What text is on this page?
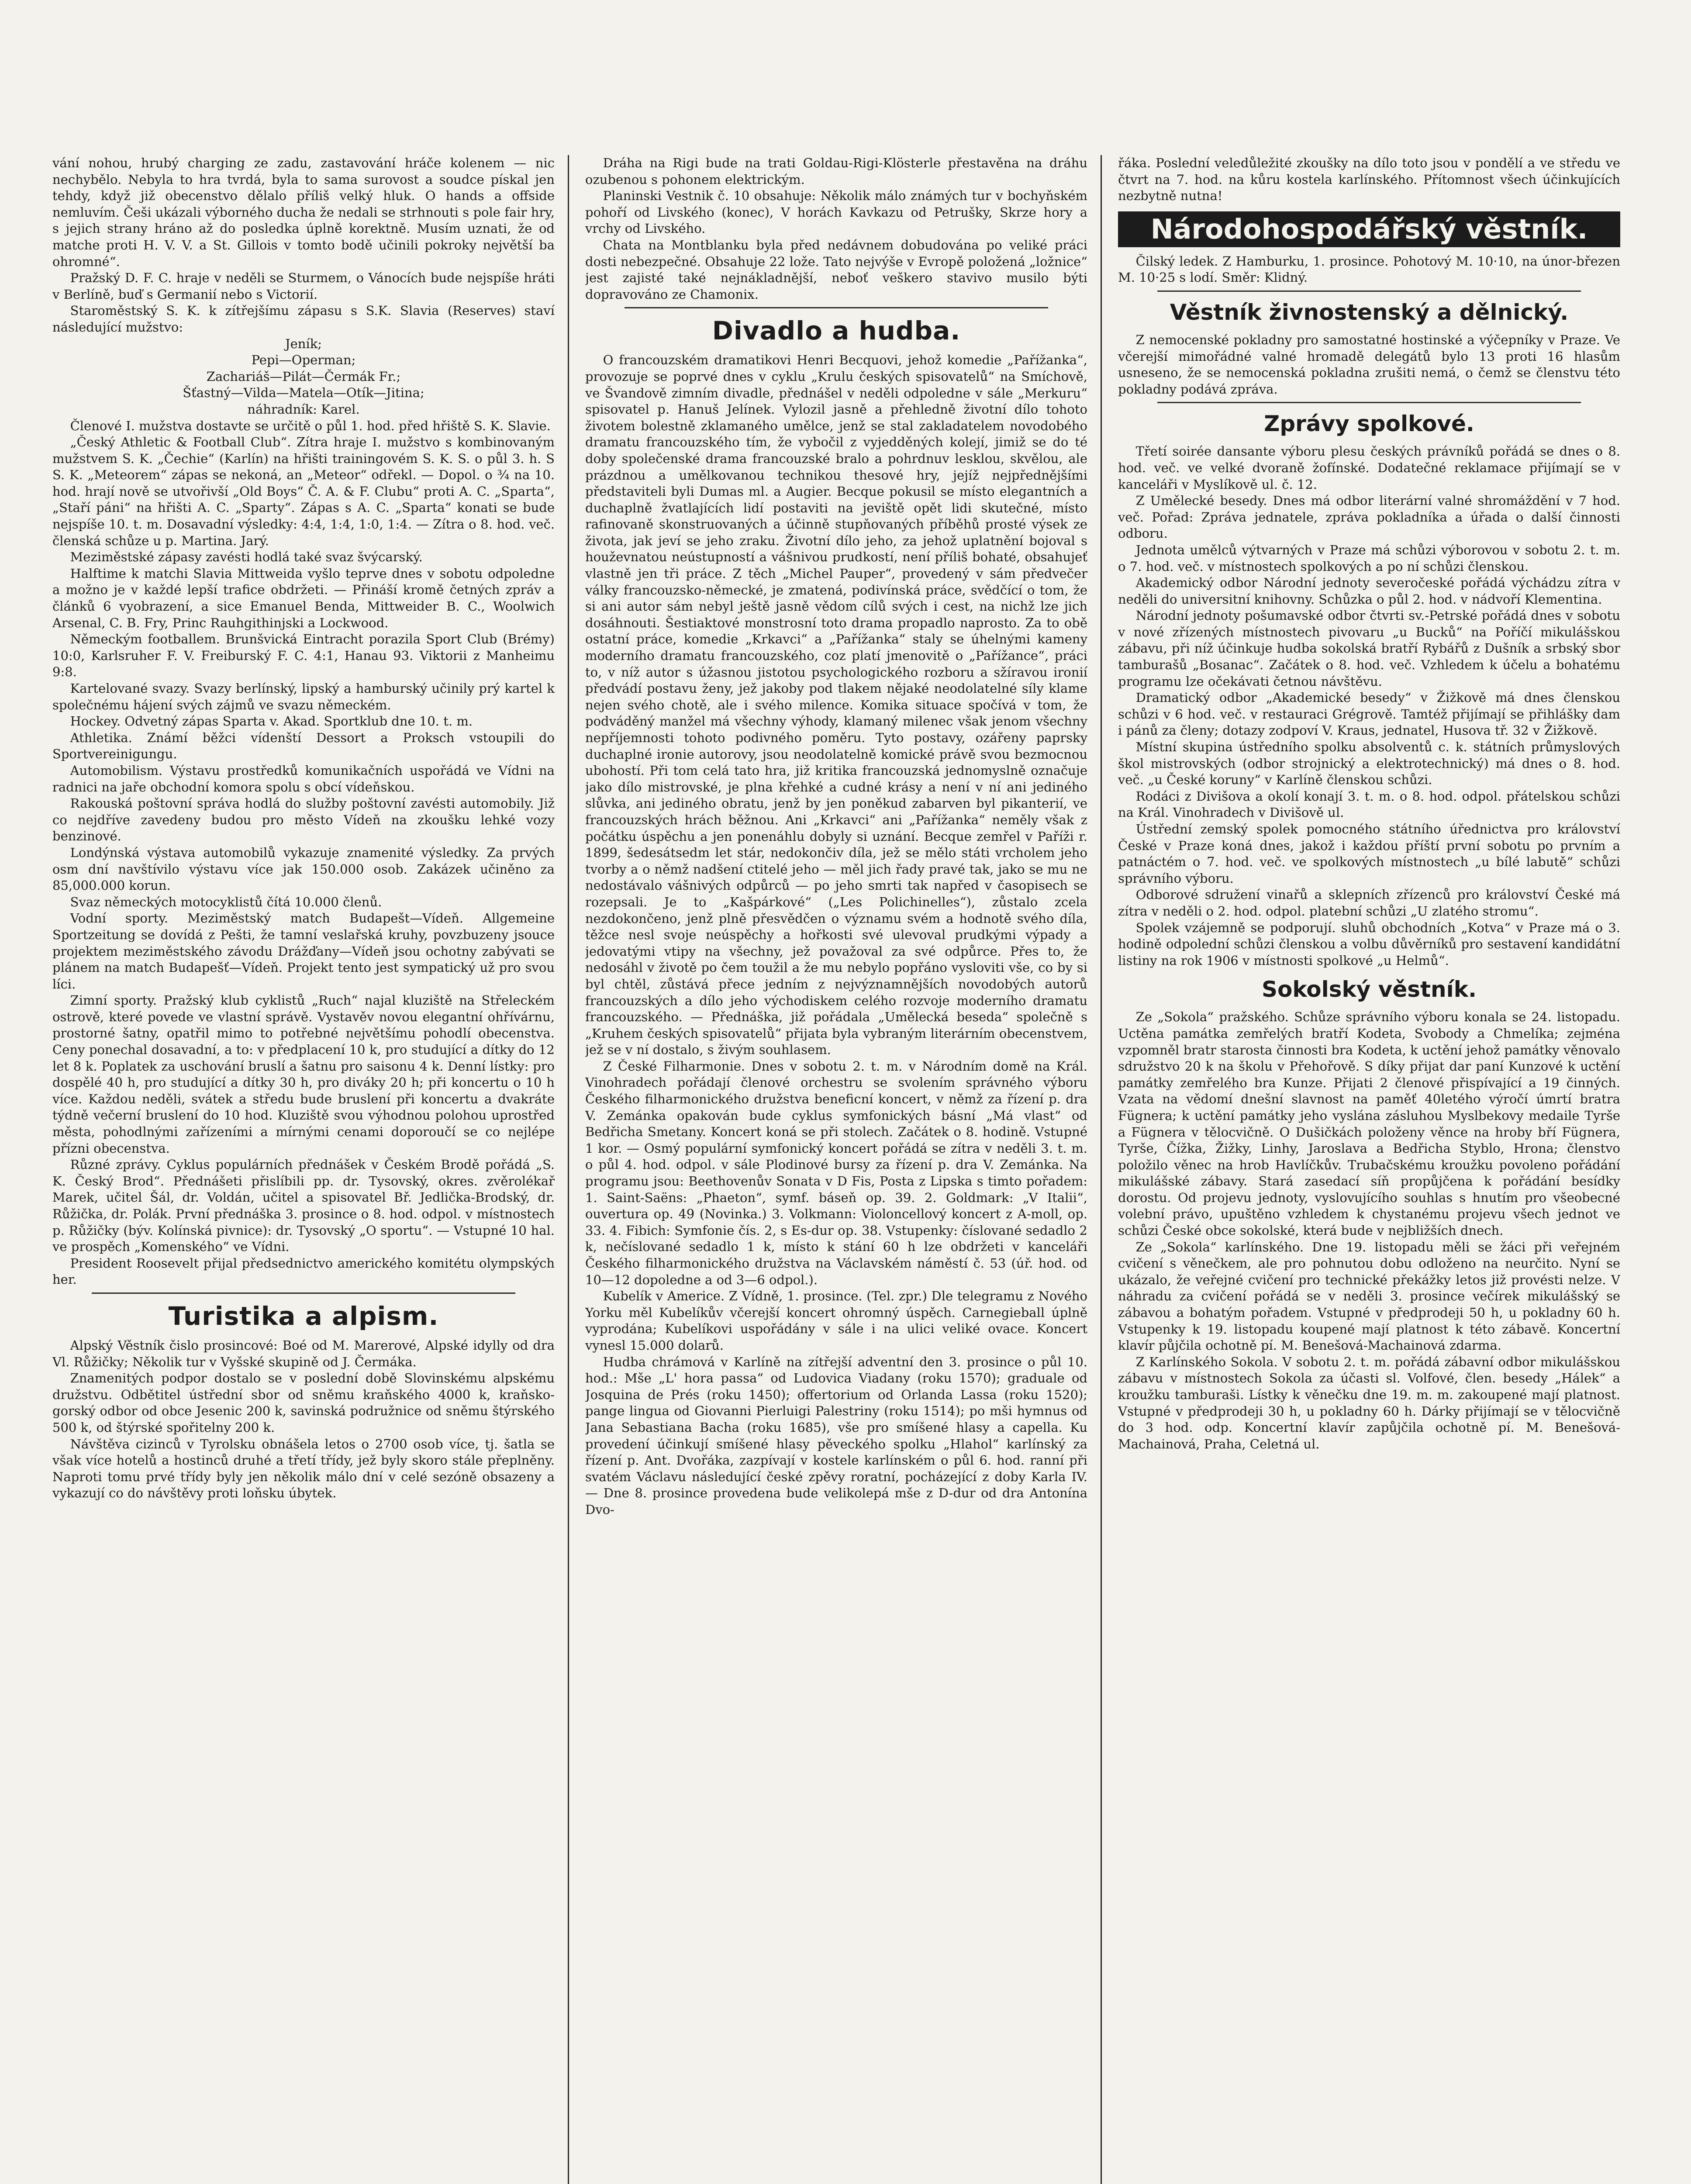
vání nohou, hrubý charging ze zadu, zastavování hráče kolenem — nic nechybělo. Nebyla to hra tvrdá, byla to sama surovost a soudce pískal jen tehdy, když již obecenstvo dělalo příliš velký hluk. O hands a offside nemluvím. Češi ukázali výborného ducha že nedali se strhnouti s pole fair hry, s jejich strany hráno až do posledka úplně korektně. Musím uznati, že od matche proti H. V. V. a St. Gillois v tomto bodě učinili pokroky největší ba ohromné“.

Pražský D. F. C. hraje v neděli se Sturmem, o Vánocích bude nejspíše hráti v Berlíně, buď s Germanií nebo s Victorií.

Staroměstský S. K. k zítřejšímu zápasu s S.K. Slavia (Reserves) staví následující mužstvo:

Jeník;

Pepi—Operman;

Zachariáš—Pilát—Čermák Fr.;

Šťastný—Vilda—Matela—Otík—Jitina;

náhradník: Karel.

Členové I. mužstva dostavte se určitě o půl 1. hod. před hřiště S. K. Slavie.

„Český Athletic & Football Club“. Zítra hraje I. mužstvo s kombinovaným mužstvem S. K. „Čechie“ (Karlín) na hřišti trainingovém S. K. S. o půl 3. h. S S. K. „Meteorem“ zápas se nekoná, an „Meteor“ odřekl. — Dopol. o ¾ na 10. hod. hrají nově se utvořivší „Old Boys“ Č. A. & F. Clubu“ proti A. C. „Sparta“, „Staří páni“ na hřišti A. C. „Sparty“. Zápas s A. C. „Sparta“ konati se bude nejspíše 10. t. m. Dosavadní výsledky: 4:4, 1:4, 1:0, 1:4. — Zítra o 8. hod. več. členská schůze u p. Martina. Jarý.

Meziměstské zápasy zavésti hodlá také svaz švýcarský.

Halftime k matchi Slavia Mittweida vyšlo teprve dnes v sobotu odpoledne a možno je v každé lepší trafice obdržeti. — Přináší kromě četných zpráv a článků 6 vyobrazení, a sice Emanuel Benda, Mittweider B. C., Woolwich Arsenal, C. B. Fry, Princ Rauhgithinjski a Lockwood.

Německým footballem. Brunšvická Eintracht porazila Sport Club (Brémy) 10:0, Karlsruher F. V. Freiburský F. C. 4:1, Hanau 93. Viktorii z Manheimu 9:8.

Kartelované svazy. Svazy berlínský, lipský a hamburský učinily prý kartel k společnému hájení svých zájmů ve svazu německém.

Hockey. Odvetný zápas Sparta v. Akad. Sportklub dne 10. t. m.

Athletika. Známí běžci vídenští Dessort a Proksch vstoupili do Sportvereinigungu.

Automobilism. Výstavu prostředků komunikačních uspořádá ve Vídni na radnici na jaře obchodní komora spolu s obcí vídeňskou.

Rakouská poštovní správa hodlá do služby poštovní zavésti automobily. Již co nejdříve zavedeny budou pro město Vídeň na zkoušku lehké vozy benzinové.

Londýnská výstava automobilů vykazuje znamenité výsledky. Za prvých osm dní navštívilo výstavu více jak 150.000 osob. Zakázek učiněno za 85,000.000 korun.

Svaz německých motocyklistů čítá 10.000 členů.

Vodní sporty. Meziměstský match Budapešt—Vídeň. Allgemeine Sportzeitung se dovídá z Pešti, že tamní veslařská kruhy, povzbuzeny jsouce projektem meziměstského závodu Drážďany—Vídeň jsou ochotny zabývati se plánem na match Budapešť—Vídeň. Projekt tento jest sympatický už pro svou líci.

Zimní sporty. Pražský klub cyklistů „Ruch“ najal kluziště na Střeleckém ostrově, které povede ve vlastní správě. Vystavěv novou elegantní ohřívárnu, prostorné šatny, opatřil mimo to potřebné největšímu pohodlí obecenstva. Ceny ponechal dosavadní, a to: v předplacení 10 k, pro studující a dítky do 12 let 8 k. Poplatek za uschování bruslí a šatnu pro saisonu 4 k. Denní lístky: pro dospělé 40 h, pro studující a dítky 30 h, pro diváky 20 h; při koncertu o 10 h více. Každou neděli, svátek a středu bude bruslení při koncertu a dvakráte týdně večerní bruslení do 10 hod. Kluziště svou výhodnou polohou uprostřed města, pohodlnými zařízeními a mírnými cenami doporoučí se co nejlépe přízni obecenstva.

Různé zprávy. Cyklus populárních přednášek v Českém Brodě pořádá „S. K. Český Brod“. Přednášeti přislíbili pp. dr. Tysovský, okres. zvěrolékař Marek, učitel Šál, dr. Voldán, učitel a spisovatel Bř. Jedlička-Brodský, dr. Růžička, dr. Polák. První přednáška 3. prosince o 8. hod. odpol. v místnostech p. Růžičky (býv. Kolínská pivnice): dr. Tysovský „O sportu“. — Vstupné 10 hal. ve prospěch „Komenského“ ve Vídni.

President Roosevelt přijal předsednictvo amerického komitétu olympských her.

Turistika a alpism.

Alpský Věstník čislo prosincové: Boé od M. Marerové, Alpské idylly od dra Vl. Růžičky; Několik tur v Vyšské skupině od J. Čermáka.

Znamenitých podpor dostalo se v poslední době Slovinskému alpskému družstvu. Odbětitel ústřední sbor od sněmu kraňského 4000 k, kraňsko-gorský odbor od obce Jesenic 200 k, savinská podružnice od sněmu štýrského 500 k, od štýrské spořitelny 200 k.

Návštěva cizinců v Tyrolsku obnášela letos o 2700 osob více, tj. šatla se však více hotelů a hostinců druhé a třetí třídy, jež byly skoro stále přeplněny. Naproti tomu prvé třídy byly jen několik málo dní v celé sezóně obsazeny a vykazují co do návštěvy proti loňsku úbytek.

Dráha na Rigi bude na trati Goldau-Rigi-Klösterle přestavěna na dráhu ozubenou s pohonem elektrickým.

Planinski Vestnik č. 10 obsahuje: Několik málo známých tur v bochyňském pohoří od Livského (konec), V horách Kavkazu od Petrušky, Skrze hory a vrchy od Livského.

Chata na Montblanku byla před nedávnem dobudována po veliké práci dosti nebezpečné. Obsahuje 22 lože. Tato nejvýše v Evropě položená „ložnice“ jest zajisté také nejnákladnější, neboť veškero stavivo musilo býti dopravováno ze Chamonix.

Divadlo a hudba.

O francouzském dramatikovi Henri Becquovi, jehož komedie „Pařížanka“, provozuje se poprvé dnes v cyklu „Krulu českých spisovatelů“ na Smíchově, ve Švandově zimním divadle, přednášel v neděli odpoledne v sále „Merkuru“ spisovatel p. Hanuš Jelínek. Vylozil jasně a přehledně životní dílo tohoto životem bolestně zklamaného umělce, jenž se stal zakladatelem novodobého dramatu francouzského tím, že vybočil z vyjedděných kolejí, jimiž se do té doby společenské drama francouzské bralo a pohrdnuv lesklou, skvělou, ale prázdnou a umělkovanou technikou thesové hry, jejíž nejpřednějšími představiteli byli Dumas ml. a Augier. Becque pokusil se místo elegantních a duchaplně žvatlajících lidí postaviti na jeviště opět lidi skutečné, místo rafinovaně skonstruovaných a účinně stupňovaných příběhů prosté výsek ze života, jak jeví se jeho zraku. Životní dílo jeho, za jehož uplatnění bojoval s houževnatou neústupností a vášnivou prudkostí, není příliš bohaté, obsahujeť vlastně jen tři práce. Z těch „Michel Pauper“, provedený v sám předvečer války francouzsko-německé, je zmatená, podivínská práce, svědčící o tom, že si ani autor sám nebyl ještě jasně vědom cílů svých i cest, na nichž lze jich dosáhnouti. Šestiaktové monstrosní toto drama propadlo naprosto. Za to obě ostatní práce, komedie „Krkavci“ a „Pařížanka“ staly se úhelnými kameny moderního dramatu francouzského, coz platí jmenovitě o „Pařížance“, práci to, v níž autor s úžasnou jistotou psychologického rozboru a sžíravou ironií předvádí postavu ženy, jež jakoby pod tlakem nějaké neodolatelné síly klame nejen svého chotě, ale i svého milence. Komika situace spočívá v tom, že podváděný manžel má všechny výhody, klamaný milenec však jenom všechny nepříjemnosti tohoto podivného poměru. Tyto postavy, ozářeny paprsky duchaplné ironie autorovy, jsou neodolatelně komické právě svou bezmocnou ubohostí. Při tom celá tato hra, již kritika francouzská jednomyslně označuje jako dílo mistrovské, je plna křehké a cudné krásy a není v ní ani jediného slůvka, ani jediného obratu, jenž by jen poněkud zabarven byl pikanterií, ve francouzských hrách běžnou. Ani „Krkavci“ ani „Pařížanka“ neměly však z počátku úspěchu a jen ponenáhlu dobyly si uznání. Becque zemřel v Paříži r. 1899, šedesátsedm let stár, nedokončiv díla, jež se mělo státi vrcholem jeho tvorby a o němž nadšení ctitelé jeho — měl jich řady pravé tak, jako se mu ne nedostávalo vášnivých odpůrců — po jeho smrti tak napřed v časopisech se rozepsali. Je to „Kašpárkové“ („Les Polichinelles“), zůstalo zcela nezdokončeno, jenž plně přesvědčen o významu svém a hodnotě svého díla, těžce nesl svoje neúspěchy a hořkosti své ulevoval prudkými výpady a jedovatými vtipy na všechny, jež považoval za své odpůrce. Přes to, že nedosáhl v životě po čem toužil a že mu nebylo popřáno vysloviti vše, co by si byl chtěl, zůstává přece jedním z nejvýznamnějších novodobých autorů francouzských a dílo jeho východiskem celého rozvoje moderního dramatu francouzského. — Přednáška, již pořádala „Umělecká beseda“ společně s „Kruhem českých spisovatelů“ přijata byla vybraným literárním obecenstvem, jež se v ní dostalo, s živým souhlasem.

Z České Filharmonie. Dnes v sobotu 2. t. m. v Národním domě na Král. Vinohradech pořádají členové orchestru se svolením správného výboru Českého filharmonického družstva beneficní koncert, v němž za řízení p. dra V. Zemánka opakován bude cyklus symfonických básní „Má vlast“ od Bedřicha Smetany. Koncert koná se při stolech. Začátek o 8. hodině. Vstupné 1 kor. — Osmý populární symfonický koncert pořádá se zítra v neděli 3. t. m. o půl 4. hod. odpol. v sále Plodinové bursy za řízení p. dra V. Zemánka. Na programu jsou: Beethovenův Sonata v D Fis, Posta z Lipska s timto pořadem: 1. Saint-Saëns: „Phaeton“, symf. báseň op. 39. 2. Goldmark: „V Italii“, ouvertura op. 49 (Novinka.) 3. Volkmann: Violoncellový koncert z A-moll, op. 33. 4. Fibich: Symfonie čís. 2, s Es-dur op. 38. Vstupenky: číslované sedadlo 2 k, nečíslované sedadlo 1 k, místo k stání 60 h lze obdržeti v kanceláři Českého filharmonického družstva na Václavském náměstí č. 53 (úř. hod. od 10—12 dopoledne a od 3—6 odpol.).

Kubelík v Americe. Z Vídně, 1. prosince. (Tel. zpr.) Dle telegramu z Nového Yorku měl Kubelíkův včerejší koncert ohromný úspěch. Carnegieball úplně vyprodána; Kubelíkovi uspořádány v sále i na ulici veliké ovace. Koncert vynesl 15.000 dolarů.

Hudba chrámová v Karlíně na zítřejší adventní den 3. prosince o půl 10. hod.: Mše „L' hora passa“ od Ludovica Viadany (roku 1570); graduale od Josquina de Prés (roku 1450); offertorium od Orlanda Lassa (roku 1520); pange lingua od Giovanni Pierluigi Palestriny (roku 1514); po mši hymnus od Jana Sebastiana Bacha (roku 1685), vše pro smíšené hlasy a capella. Ku provedení účinkují smíšené hlasy pěveckého spolku „Hlahol“ karlínský za řízení p. Ant. Dvořáka, zazpívají v kostele karlínském o půl 6. hod. ranní při svatém Václavu následující české zpěvy roratní, pocházející z doby Karla IV. — Dne 8. prosince provedena bude velikolepá mše z D-dur od dra Antonína Dvo-

řáka. Poslední veledůležité zkoušky na dílo toto jsou v pondělí a ve středu ve čtvrt na 7. hod. na kůru kostela karlínského. Přítomnost všech účinkujících nezbytně nutna!

Národohospodářský věstník.

Čilský ledek. Z Hamburku, 1. prosince. Pohotový M. 10·10, na únor-březen M. 10·25 s lodí. Směr: Klidný.

Věstník živnostenský a dělnický.

Z nemocenské pokladny pro samostatné hostinské a výčepníky v Praze. Ve včerejší mimořádné valné hromadě delegátů bylo 13 proti 16 hlasům usneseno, že se nemocenská pokladna zrušiti nemá, o čemž se členstvu této pokladny podává zpráva.

Zprávy spolkové.

Třetí soirée dansante výboru plesu českých právníků pořádá se dnes o 8. hod. več. ve velké dvoraně žofínské. Dodatečné reklamace přijímají se v kanceláři v Myslíkově ul. č. 12.

Z Umělecké besedy. Dnes má odbor literární valné shromáždění v 7 hod. več. Pořad: Zpráva jednatele, zpráva pokladníka a úřada o další činnosti odboru.

Jednota umělců výtvarných v Praze má schůzi výborovou v sobotu 2. t. m. o 7. hod. več. v místnostech spolkových a po ní schůzi členskou.

Akademický odbor Národní jednoty severočeské pořádá výchádzu zítra v neděli do universitní knihovny. Schůzka o půl 2. hod. v nádvoří Klementina.

Národní jednoty pošumavské odbor čtvrti sv.-Petrské pořádá dnes v sobotu v nové zřízených místnostech pivovaru „u Bucků“ na Poříčí mikulášskou zábavu, při níž účinkuje hudba sokolská bratří Rybářů z Dušník a srbský sbor tamburašů „Bosanac“. Začátek o 8. hod. več. Vzhledem k účelu a bohatému programu lze očekávati četnou návštěvu.

Dramatický odbor „Akademické besedy“ v Žižkově má dnes členskou schůzi v 6 hod. več. v restauraci Grégrově. Tamtéž přijímají se přihlášky dam i pánů za členy; dotazy zodpoví V. Kraus, jednatel, Husova tř. 32 v Žižkově.

Místní skupina ústředního spolku absolventů c. k. státních průmyslových škol mistrovských (odbor strojnický a elektrotechnický) má dnes o 8. hod. več. „u České koruny“ v Karlíně členskou schůzi.

Rodáci z Divišova a okolí konají 3. t. m. o 8. hod. odpol. přátelskou schůzi na Král. Vinohradech v Divišově ul.

Ústřední zemský spolek pomocného státního úřednictva pro království České v Praze koná dnes, jakož i každou příští první sobotu po prvním a patnáctém o 7. hod. več. ve spolkových místnostech „u bílé labutě“ schůzi správního výboru.

Odborové sdružení vinařů a sklepních zřízenců pro království České má zítra v neděli o 2. hod. odpol. platební schůzi „U zlatého stromu“.

Spolek vzájemně se podporují. sluhů obchodních „Kotva“ v Praze má o 3. hodině odpolední schůzi členskou a volbu důvěrníků pro sestavení kandidátní listiny na rok 1906 v místnosti spolkové „u Helmů“.

Sokolský věstník.

Ze „Sokola“ pražského. Schůze správního výboru konala se 24. listopadu. Uctěna památka zemřelých bratří Kodeta, Svobody a Chmelíka; zejména vzpomněl bratr starosta činnosti bra Kodeta, k uctění jehož památky věnovalo sdružstvo 20 k na školu v Přehořově. S díky přijat dar paní Kunzové k uctění památky zemřelého bra Kunze. Přijati 2 členové přispívající a 19 činných. Vzata na vědomí dnešní slavnost na paměť 40letého výročí úmrtí bratra Fügnera; k uctění památky jeho vyslána zásluhou Myslbekovy medaile Tyrše a Fügnera v tělocvičně. O Dušičkách položeny věnce na hroby bří Fügnera, Tyrše, Čížka, Žižky, Linhy, Jaroslava a Bedřicha Styblo, Hrona; členstvo položilo věnec na hrob Havlíčkův. Trubačskému kroužku povoleno pořádání mikulášské zábavy. Stará zasedací síň propůjčena k pořádání besídky dorostu. Od projevu jednoty, vyslovujícího souhlas s hnutím pro všeobecné volební právo, upuštěno vzhledem k chystanému projevu všech jednot ve schůzi České obce sokolské, která bude v nejbližších dnech.

Ze „Sokola“ karlínského. Dne 19. listopadu měli se žáci při veřejném cvičení s věnečkem, ale pro pohnutou dobu odloženo na neurčito. Nyní se ukázalo, že veřejné cvičení pro technické překážky letos již provésti nelze. V náhradu za cvičení pořádá se v neděli 3. prosince večírek mikulášský se zábavou a bohatým pořadem. Vstupné v předprodeji 50 h, u pokladny 60 h. Vstupenky k 19. listopadu koupené mají platnost k této zábavě. Koncertní klavír půjčila ochotně pí. M. Benešová-Machainová zdarma.

Z Karlínského Sokola. V sobotu 2. t. m. pořádá zábavní odbor mikulášskou zábavu v místnostech Sokola za účasti sl. Volfové, člen. besedy „Hálek“ a kroužku tamburaši. Lístky k věnečku dne 19. m. m. zakoupené mají platnost. Vstupné v předprodeji 30 h, u pokladny 60 h. Dárky přijímají se v tělocvičně do 3 hod. odp. Koncertní klavír zapůjčila ochotně pí. M. Benešová-Machainová, Praha, Celetná ul.
